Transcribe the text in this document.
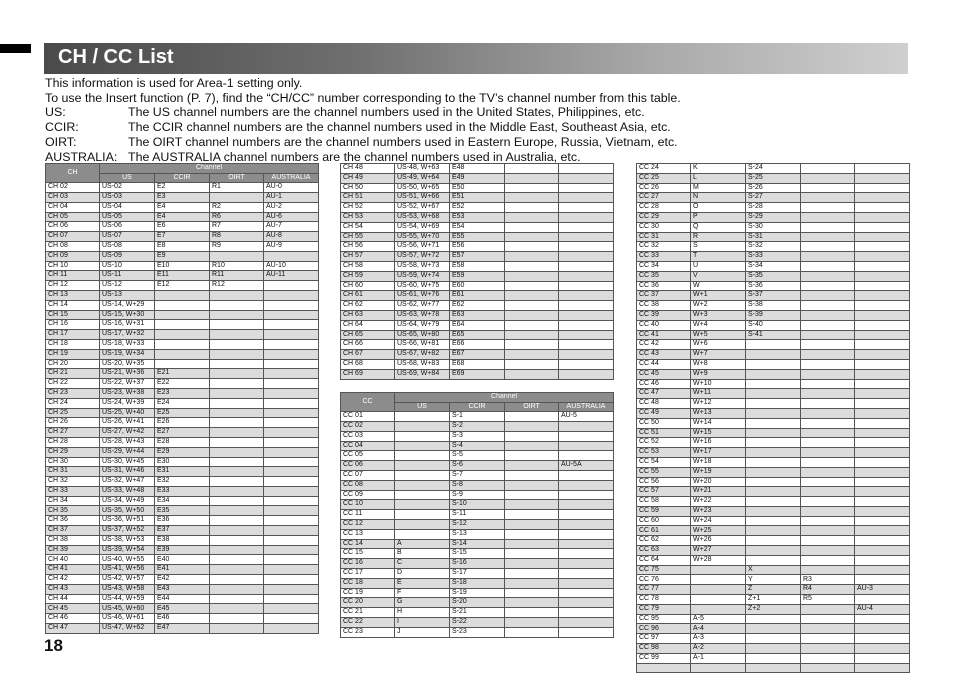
CH / CC List
This information is used for Area-1 setting only.
To use the Insert function (P. 7), find the “CH/CC” number corresponding to the TV’s channel number from this table.
US:	The US channel numbers are the channel numbers used in the United States, Philippines, etc.
CCIR:	The CCIR channel numbers are the channel numbers used in the Middle East, Southeast Asia, etc.
OIRT:	The OIRT channel numbers are the channel numbers used in Eastern Europe, Russia, Vietnam, etc.
AUSTRALIA: The AUSTRALIA channel numbers are the channel numbers used in Australia, etc.
CH	Channel			
	US	CCIR	OIRT	AUSTRALIA
CH 02	US-02	E2	R1	AU-0
CH 03	US-03	E3		AU-1
CH 04	US-04	E4	R2	AU-2
CH 05	US-05	E4	R6	AU-6
CH 06	US-06	E6	R7	AU-7
CH 07	US-07	E7	R8	AU-8
CH 08	US-08	E8	R9	AU-9
CH 09	US-09	E9		
CH 10	US-10	E10	R10	AU-10
CH 11	US-11	E11	R11	AU-11
CH 12	US-12	E12	R12	
CH 13	US-13			
CH 14	US-14, W+29			
CH 15	US-15, W+30			
CH 16	US-16, W+31			
CH 17	US-17, W+32			
CH 18	US-18, W+33			
CH 19	US-19, W+34			
CH 20	US-20, W+35			
CH 21	US-21, W+36	E21		
CH 22	US-22, W+37	E22		
CH 23	US-23, W+38	E23		
CH 24	US-24, W+39	E24		
CH 25	US-25, W+40	E25		
CH 26	US-26, W+41	E26		
CH 27	US-27, W+42	E27		
CH 28	US-28, W+43	E28		
CH 29	US-29, W+44	E29		
CH 30	US-30, W+45	E30		
CH 31	US-31, W+46	E31		
CH 32	US-32, W+47	E32		
CH 33	US-33, W+48	E33		
CH 34	US-34, W+49	E34		
CH 35	US-35, W+50	E35		
CH 36	US-36, W+51	E36		
CH 37	US-37, W+52	E37		
CH 38	US-38, W+53	E38		
CH 39	US-39, W+54	E39		
CH 40	US-40, W+55	E40		
CH 41	US-41, W+56	E41		
CH 42	US-42, W+57	E42		
CH 43	US-43, W+58	E43		
CH 44	US-44, W+59	E44		
CH 45	US-45, W+60	E45		
CH 46	US-46, W+61	E46		
CH 47	US-47, W+62	E47		
CH 48	US-48, W+63	E48		
CH 49	US-49, W+64	E49		
CH 50	US-50, W+65	E50		
CH 51	US-51, W+66	E51		
CH 52	US-52, W+67	E52		
CH 53	US-53, W+68	E53		
CH 54	US-54, W+69	E54		
CH 55	US-55, W+70	E55		
CH 56	US-56, W+71	E56		
CH 57	US-57, W+72	E57		
CH 58	US-58, W+73	E58		
CH 59	US-59, W+74	E59		
CH 60	US-60, W+75	E60		
CH 61	US-61, W+76	E61		
CH 62	US-62, W+77	E62		
CH 63	US-63, W+78	E63		
CH 64	US-64, W+79	E64		
CH 65	US-65, W+80	E65		
CH 66	US-66, W+81	E66		
CH 67	US-67, W+82	E67		
CH 68	US-68, W+83	E68		
CH 69	US-69, W+84	E69		
CC	Channel			
	US	CCIR	OIRT	AUSTRALIA
CC 01		S-1		AU-5
CC 02		S-2		
CC 03		S-3		
CC 04		S-4		
CC 05		S-5		
CC 06		S-6		AU-5A
CC 07		S-7		
CC 08		S-8		
CC 09		S-9		
CC 10		S-10		
CC 11		S-11		
CC 12		S-12		
CC 13		S-13		
CC 14	A	S-14		
CC 15	B	S-15		
CC 16	C	S-16		
CC 17	D	S-17		
CC 18	E	S-18		
CC 19	F	S-19		
CC 20	G	S-20		
CC 21	H	S-21		
CC 22	I	S-22		
CC 23	J	S-23		
CC 24	K	S-24		
CC 25	L	S-25		
CC 26	M	S-26		
CC 27	N	S-27		
CC 28	O	S-28		
CC 29	P	S-29		
CC 30	Q	S-30		
CC 31	R	S-31		
CC 32	S	S-32		
CC 33	T	S-33		
CC 34	U	S-34		
CC 35	V	S-35		
CC 36	W	S-36		
CC 37	W+1	S-37		
CC 38	W+2	S-38		
CC 39	W+3	S-39		
CC 40	W+4	S-40		
CC 41	W+5	S-41		
CC 42	W+6			
CC 43	W+7			
CC 44	W+8			
CC 45	W+9			
CC 46	W+10			
CC 47	W+11			
CC 48	W+12			
CC 49	W+13			
CC 50	W+14			
CC 51	W+15			
CC 52	W+16			
CC 53	W+17			
CC 54	W+18			
CC 55	W+19			
CC 56	W+20			
CC 57	W+21			
CC 58	W+22			
CC 59	W+23			
CC 60	W+24			
CC 61	W+25			
CC 62	W+26			
CC 63	W+27			
CC 64	W+28			
CC 75		X		
CC 76		Y	R3	
CC 77		Z	R4	AU-3
CC 78		Z+1	R5	
CC 79		Z+2		AU-4
CC 95	A-5			
CC 96	A-4			
CC 97	A-3			
CC 98	A-2			
CC 99	A-1			

18
